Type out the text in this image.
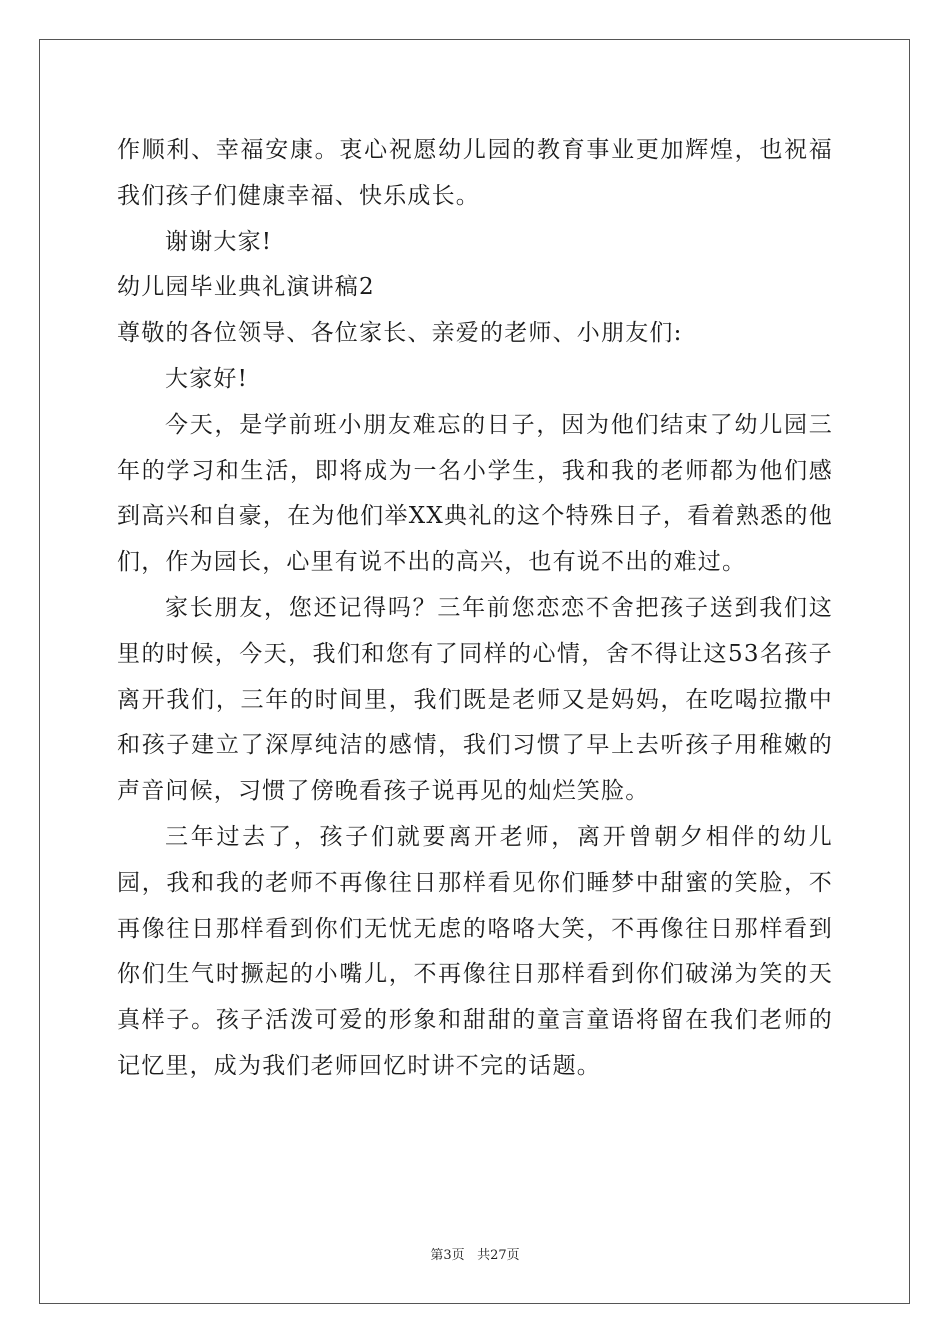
作顺利、幸福安康。衷心祝愿幼儿园的教育事业更加辉煌，也祝福我们孩子们健康幸福、快乐成长。

谢谢大家!

幼儿园毕业典礼演讲稿2

尊敬的各位领导、各位家长、亲爱的老师、小朋友们:

大家好!

今天，是学前班小朋友难忘的日子，因为他们结束了幼儿园三年的学习和生活，即将成为一名小学生，我和我的老师都为他们感到高兴和自豪，在为他们举XX典礼的这个特殊日子，看着熟悉的他们，作为园长，心里有说不出的高兴，也有说不出的难过。

家长朋友，您还记得吗？三年前您恋恋不舍把孩子送到我们这里的时候，今天，我们和您有了同样的心情，舍不得让这53名孩子离开我们，三年的时间里，我们既是老师又是妈妈，在吃喝拉撒中和孩子建立了深厚纯洁的感情，我们习惯了早上去听孩子用稚嫩的声音问候，习惯了傍晚看孩子说再见的灿烂笑脸。

三年过去了，孩子们就要离开老师，离开曾朝夕相伴的幼儿园，我和我的老师不再像往日那样看见你们睡梦中甜蜜的笑脸，不再像往日那样看到你们无忧无虑的咯咯大笑，不再像往日那样看到你们生气时撅起的小嘴儿，不再像往日那样看到你们破涕为笑的天真样子。孩子活泼可爱的形象和甜甜的童言童语将留在我们老师的记忆里，成为我们老师回忆时讲不完的话题。

第3页 共27页
